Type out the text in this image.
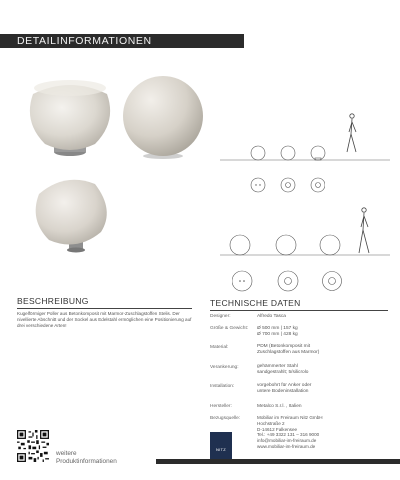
DETAILINFORMATIONEN
BESCHREIBUNG
Kugelförmiger Poller aus Betonkomposit mit Marmor-Zuschlagstoffen Stelis. Der nivellierte Abschnitt und der Sockel aus Edelstahl ermöglichen eine Positionierung auf drei verschiedene Arten!
TECHNISCHE DATEN
Designer:	Alfredo Tasca
Größe & Gewicht: Ø 500 mm | 157 kg
Ø 700 mm | 428 kg
Material:	PDM (Betonkomposit mit
Zuschlagstoffen aus Marmor)
Verankerung:	gehämmerter Stahl
sandgestrahlt; 5/silicrolo
Installation:	vorgebohrt für Anker oder
untere Bodeninstallation
Hersteller:	Metalco S.r.l. , Italien
Bezugsquelle:	Mobiliar im Freiraum Nitz GmbH
Hochstraße 2
D-14612 Falkensee
Tel.: +49 3322 131 – 316 9000
info@mobiliar-im-freiraum.de
www.mobiliar-im-freiraum.de
NITZ
weitere
Produktinformationen
